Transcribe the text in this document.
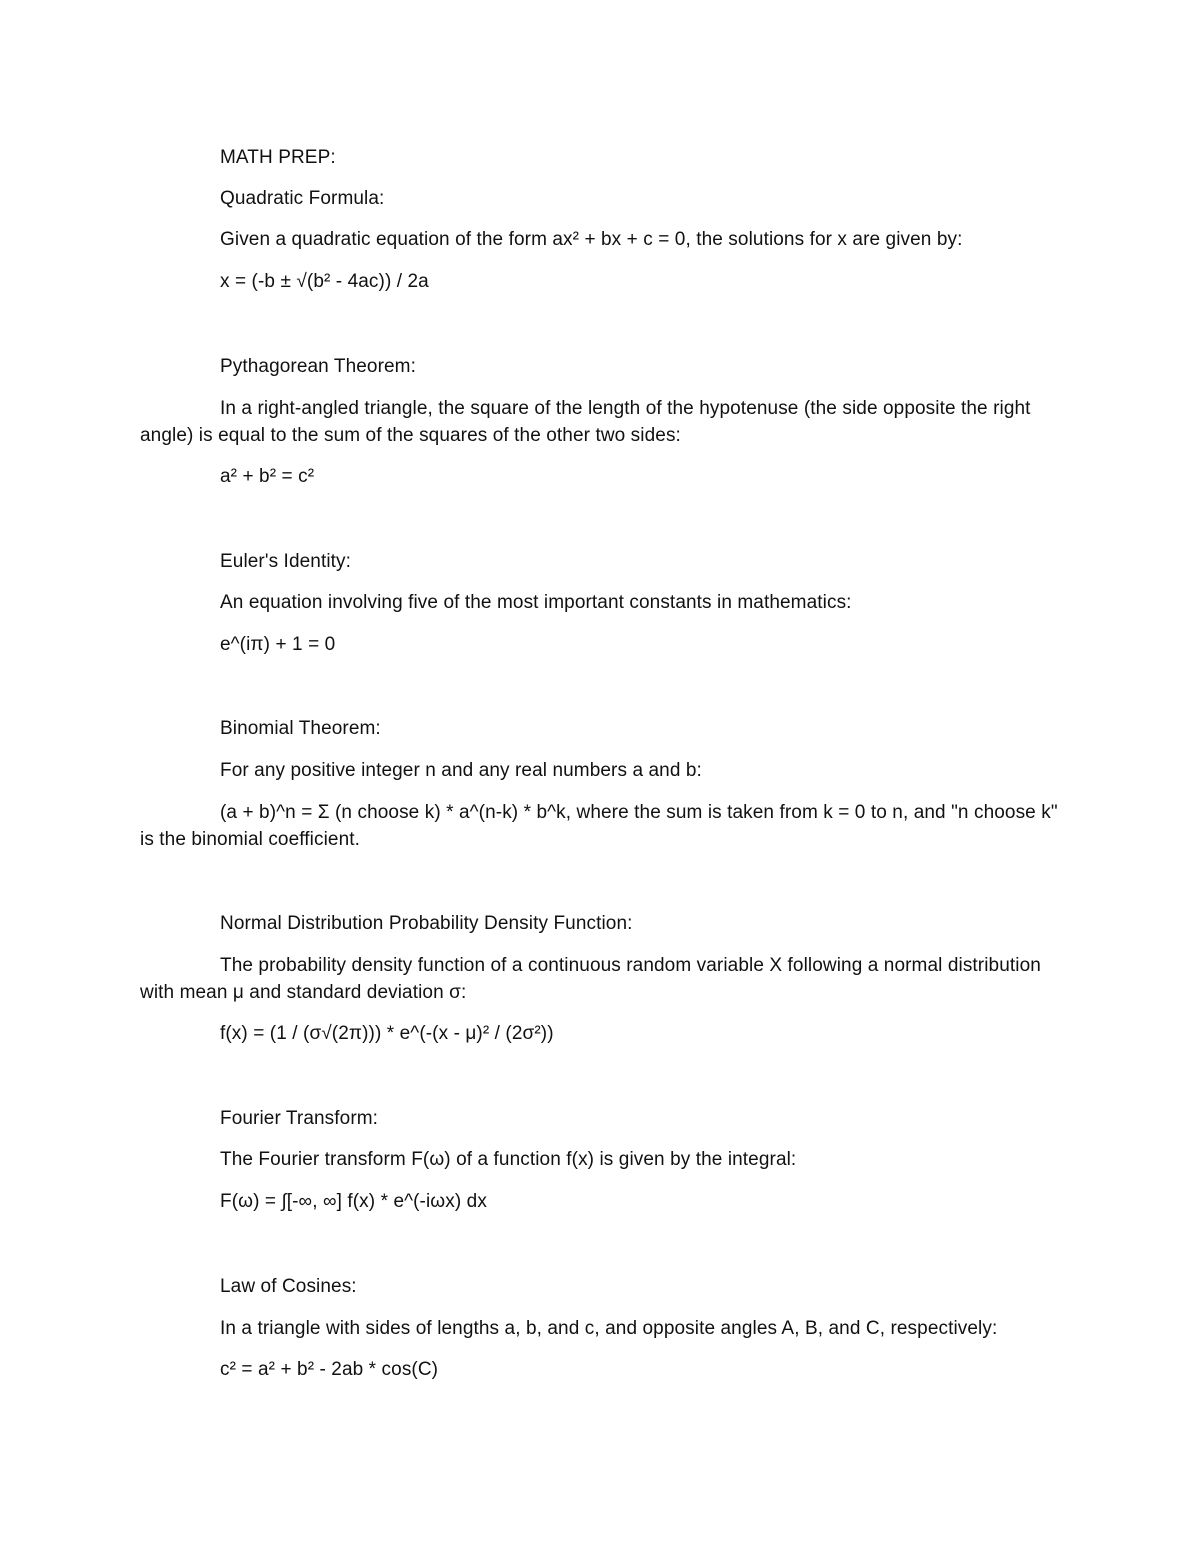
MATH PREP:
Quadratic Formula:
Given a quadratic equation of the form ax² + bx + c = 0, the solutions for x are given by:
x = (-b ± √(b² - 4ac)) / 2a
Pythagorean Theorem:
In a right-angled triangle, the square of the length of the hypotenuse (the side opposite the right angle) is equal to the sum of the squares of the other two sides:
a² + b² = c²
Euler's Identity:
An equation involving five of the most important constants in mathematics:
e^(iπ) + 1 = 0
Binomial Theorem:
For any positive integer n and any real numbers a and b:
(a + b)^n = Σ (n choose k) * a^(n-k) * b^k, where the sum is taken from k = 0 to n, and "n choose k" is the binomial coefficient.
Normal Distribution Probability Density Function:
The probability density function of a continuous random variable X following a normal distribution with mean μ and standard deviation σ:
f(x) = (1 / (σ√(2π))) * e^(-(x - μ)² / (2σ²))
Fourier Transform:
The Fourier transform F(ω) of a function f(x) is given by the integral:
F(ω) = ∫[-∞, ∞] f(x) * e^(-iωx) dx
Law of Cosines:
In a triangle with sides of lengths a, b, and c, and opposite angles A, B, and C, respectively:
c² = a² + b² - 2ab * cos(C)
